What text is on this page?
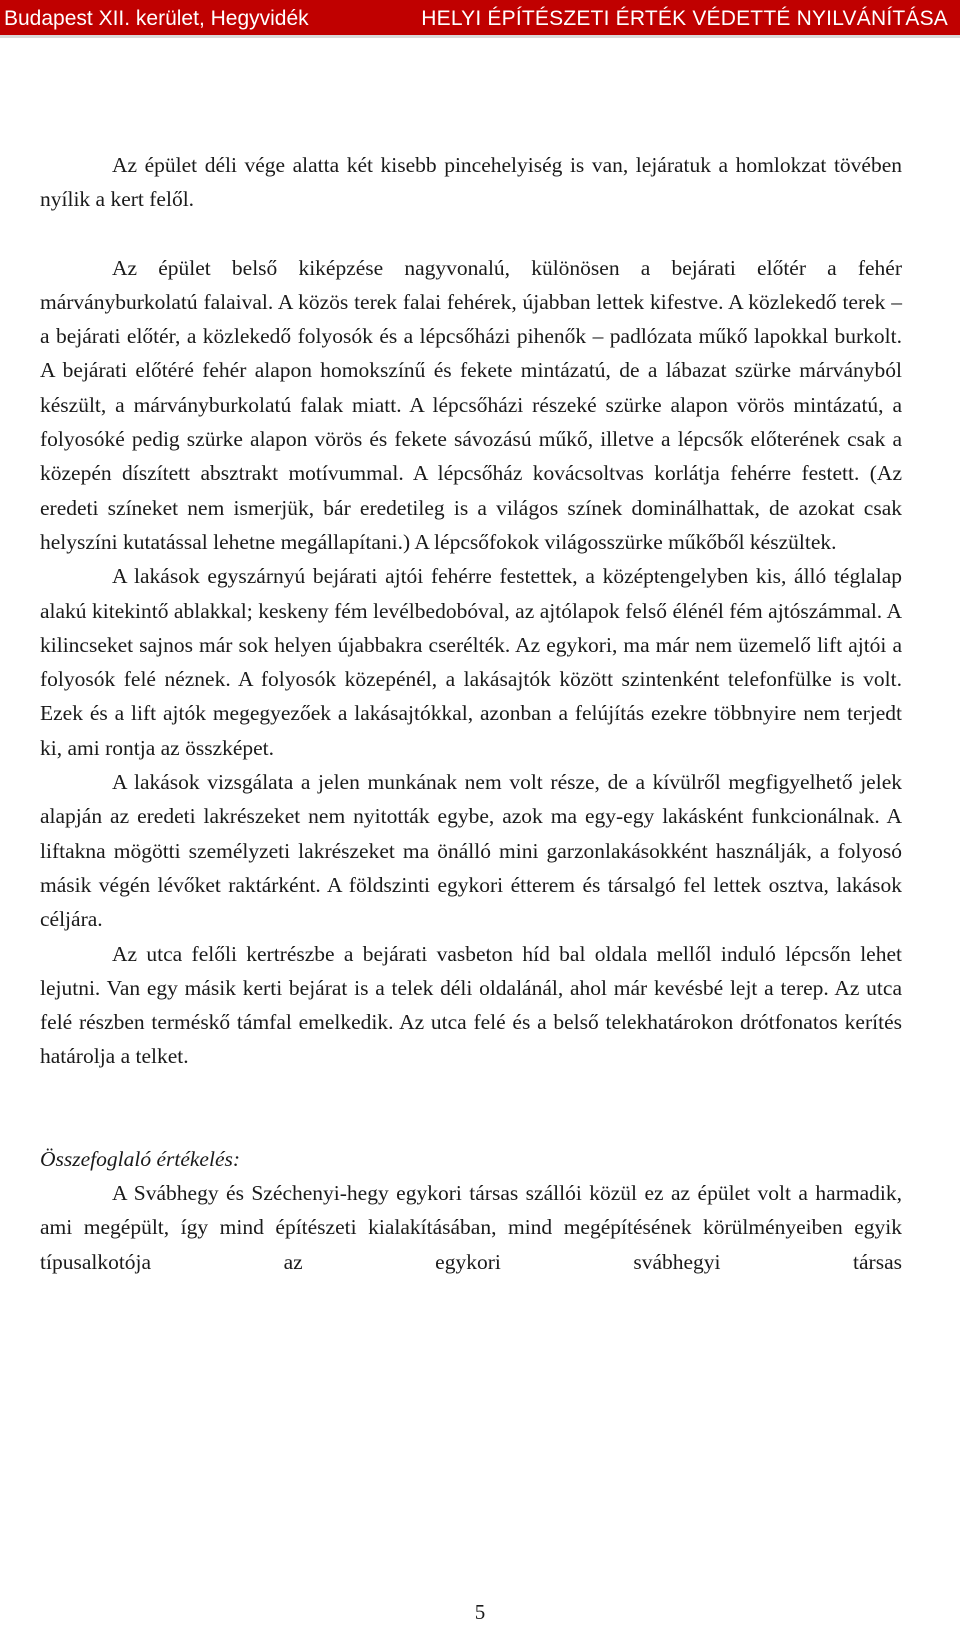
Budapest XII. kerület, Hegyvidék	HELYI ÉPÍTÉSZETI ÉRTÉK VÉDETTÉ NYILVÁNÍTÁSA

Az épület déli vége alatta két kisebb pincehelyiség is van, lejáratuk a homlokzat tövében nyílik a kert felől.

Az épület belső kiképzése nagyvonalú, különösen a bejárati előtér a fehér márványburkolatú falaival. A közös terek falai fehérek, újabban lettek kifestve. A közlekedő terek – a bejárati előtér, a közlekedő folyosók és a lépcsőházi pihenők – padlózata műkő lapokkal burkolt. A bejárati előtéré fehér alapon homokszínű és fekete mintázatú, de a lábazat szürke márványból készült, a márványburkolatú falak miatt. A lépcsőházi részeké szürke alapon vörös mintázatú, a folyosóké pedig szürke alapon vörös és fekete sávozású műkő, illetve a lépcsők előterének csak a közepén díszített absztrakt motívummal. A lépcsőház kovácsoltvas korlátja fehérre festett. (Az eredeti színeket nem ismerjük, bár eredetileg is a világos színek dominálhattak, de azokat csak helyszíni kutatással lehetne megállapítani.) A lépcsőfokok világosszürke műkőből készültek.

A lakások egyszárnyú bejárati ajtói fehérre festettek, a középtengelyben kis, álló téglalap alakú kitekintő ablakkal; keskeny fém levélbedobóval, az ajtólapok felső élénél fém ajtószámmal. A kilincseket sajnos már sok helyen újabbakra cserélték. Az egykori, ma már nem üzemelő lift ajtói a folyosók felé néznek. A folyosók közepénél, a lakásajtók között szintenként telefonfülke is volt. Ezek és a lift ajtók megegyezőek a lakásajtókkal, azonban a felújítás ezekre többnyire nem terjedt ki, ami rontja az összképet.

A lakások vizsgálata a jelen munkának nem volt része, de a kívülről megfigyelhető jelek alapján az eredeti lakrészeket nem nyitották egybe, azok ma egy-egy lakásként funkcionálnak. A liftakna mögötti személyzeti lakrészeket ma önálló mini garzonlakásokként használják, a folyosó másik végén lévőket raktárként. A földszinti egykori étterem és társalgó fel lettek osztva, lakások céljára.

Az utca felőli kertrészbe a bejárati vasbeton híd bal oldala mellől induló lépcsőn lehet lejutni. Van egy másik kerti bejárat is a telek déli oldalánál, ahol már kevésbé lejt a terep. Az utca felé részben terméskő támfal emelkedik. Az utca felé és a belső telekhatárokon drótfonatos kerítés határolja a telket.

Összefoglaló értékelés:

A Svábhegy és Széchenyi-hegy egykori társas szállói közül ez az épület volt a harmadik, ami megépült, így mind építészeti kialakításában, mind megépítésének körülményeiben egyik típusalkotója az egykori svábhegyi társas

5
